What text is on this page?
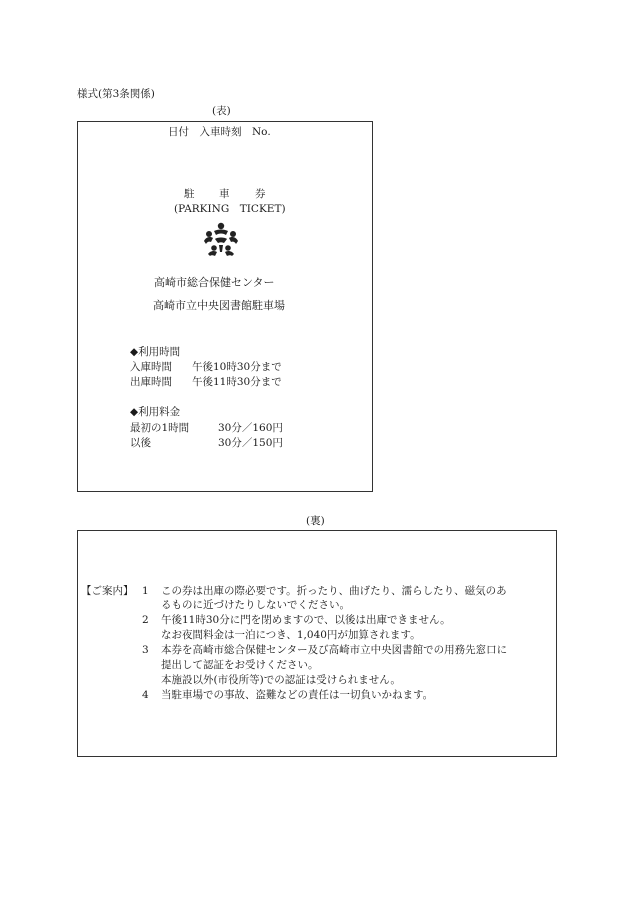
様式(第3条関係)
(表)
日付　入車時刻　No.
駐 車 券
(PARKING　TICKET)
高崎市総合保健センター
高崎市立中央図書館駐車場
◆利用時間
入庫時間 午後10時30分まで
出庫時間 午後11時30分まで
◆利用料金
最初の1時間	30分／160円
以後	30分／150円
(裏)
【ご案内】 1 この券は出庫の際必要です。折ったり、曲げたり、濡らしたり、磁気のあ
るものに近づけたりしないでください。
2 午後11時30分に門を閉めますので、以後は出庫できません。
なお夜間料金は一泊につき、1,040円が加算されます。
3 本券を高崎市総合保健センター及び高崎市立中央図書館での用務先窓口に
提出して認証をお受けください。
本施設以外(市役所等)での認証は受けられません。
4 当駐車場での事故、盗難などの責任は一切負いかねます。
